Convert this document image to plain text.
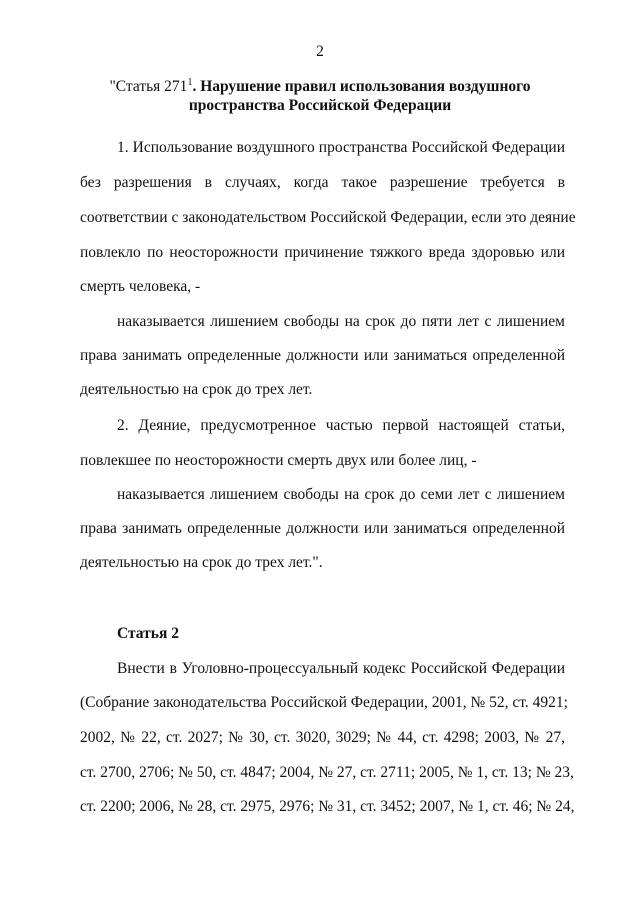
2
"Статья $271^1$. Нарушение правил использования воздушного
пространства Российской Федерации
1. Использование воздушного пространства Российской Федерации
без разрешения в случаях, когда такое разрешение требуется в
соответствии с законодательством Российской Федерации, если это деяние
повлекло по неосторожности причинение тяжкого вреда здоровью или
смерть человека, -
наказывается лишением свободы на срок до пяти лет с лишением
права занимать определенные должности или заниматься определенной
деятельностью на срок до трех лет.
2. Деяние, предусмотренное частью первой настоящей статьи,
повлекшее по неосторожности смерть двух или более лиц, -
наказывается лишением свободы на срок до семи лет с лишением
права занимать определенные должности или заниматься определенной
деятельностью на срок до трех лет.".
Статья 2
Внести в Уголовно-процессуальный кодекс Российской Федерации
(Собрание законодательства Российской Федерации, 2001, № 52, ст. 4921;
2002, № 22, ст. 2027; № 30, ст. 3020, 3029; № 44, ст. 4298; 2003, № 27,
ст. 2700, 2706; № 50, ст. 4847; 2004, № 27, ст. 2711; 2005, № 1, ст. 13; № 23,
ст. 2200; 2006, № 28, ст. 2975, 2976; № 31, ст. 3452; 2007, № 1, ст. 46; № 24,
